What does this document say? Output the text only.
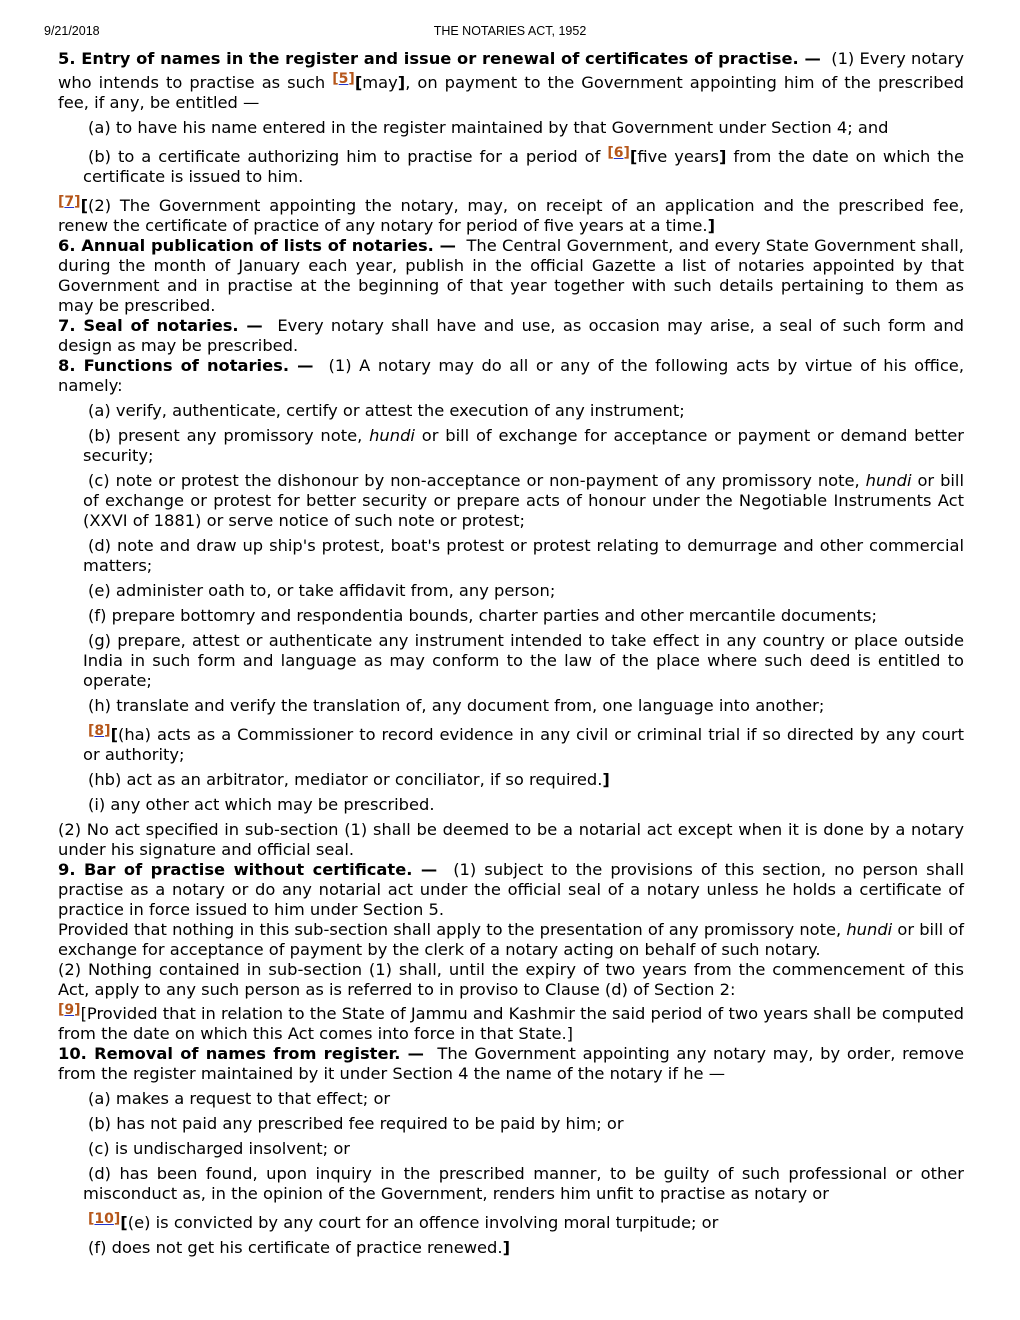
9/21/2018	THE NOTARIES ACT, 1952

5. Entry of names in the register and issue or renewal of certificates of practise. —  (1) Every notary who intends to practise as such [5][may], on payment to the Government appointing him of the prescribed fee, if any, be entitled —

(a) to have his name entered in the register maintained by that Government under Section 4; and

(b) to a certificate authorizing him to practise for a period of [6][five years] from the date on which the certificate is issued to him.

[7][(2) The Government appointing the notary, may, on receipt of an application and the prescribed fee, renew the certificate of practice of any notary for period of five years at a time.]

6. Annual publication of lists of notaries. —  The Central Government, and every State Government shall, during the month of January each year, publish in the official Gazette a list of notaries appointed by that Government and in practise at the beginning of that year together with such details pertaining to them as may be prescribed.

7. Seal of notaries. —  Every notary shall have and use, as occasion may arise, a seal of such form and design as may be prescribed.

8. Functions of notaries. —  (1) A notary may do all or any of the following acts by virtue of his office, namely:

(a) verify, authenticate, certify or attest the execution of any instrument;

(b) present any promissory note, hundi or bill of exchange for acceptance or payment or demand better security;

(c) note or protest the dishonour by non-acceptance or non-payment of any promissory note, hundi or bill of exchange or protest for better security or prepare acts of honour under the Negotiable Instruments Act (XXVI of 1881) or serve notice of such note or protest;

(d) note and draw up ship's protest, boat's protest or protest relating to demurrage and other commercial matters;

(e) administer oath to, or take affidavit from, any person;

(f) prepare bottomry and respondentia bounds, charter parties and other mercantile documents;

(g) prepare, attest or authenticate any instrument intended to take effect in any country or place outside India in such form and language as may conform to the law of the place where such deed is entitled to operate;

(h) translate and verify the translation of, any document from, one language into another;

[8][(ha) acts as a Commissioner to record evidence in any civil or criminal trial if so directed by any court or authority;

(hb) act as an arbitrator, mediator or conciliator, if so required.]

(i) any other act which may be prescribed.

(2) No act specified in sub-section (1) shall be deemed to be a notarial act except when it is done by a notary under his signature and official seal.

9. Bar of practise without certificate. —  (1) subject to the provisions of this section, no person shall practise as a notary or do any notarial act under the official seal of a notary unless he holds a certificate of practice in force issued to him under Section 5.

Provided that nothing in this sub-section shall apply to the presentation of any promissory note, hundi or bill of exchange for acceptance of payment by the clerk of a notary acting on behalf of such notary.

(2) Nothing contained in sub-section (1) shall, until the expiry of two years from the commencement of this Act, apply to any such person as is referred to in proviso to Clause (d) of Section 2:

[9][Provided that in relation to the State of Jammu and Kashmir the said period of two years shall be computed from the date on which this Act comes into force in that State.]

10. Removal of names from register. —  The Government appointing any notary may, by order, remove from the register maintained by it under Section 4 the name of the notary if he —

(a) makes a request to that effect; or

(b) has not paid any prescribed fee required to be paid by him; or

(c) is undischarged insolvent; or

(d) has been found, upon inquiry in the prescribed manner, to be guilty of such professional or other misconduct as, in the opinion of the Government, renders him unfit to practise as notary or

[10][(e) is convicted by any court for an offence involving moral turpitude; or

(f) does not get his certificate of practice renewed.]
